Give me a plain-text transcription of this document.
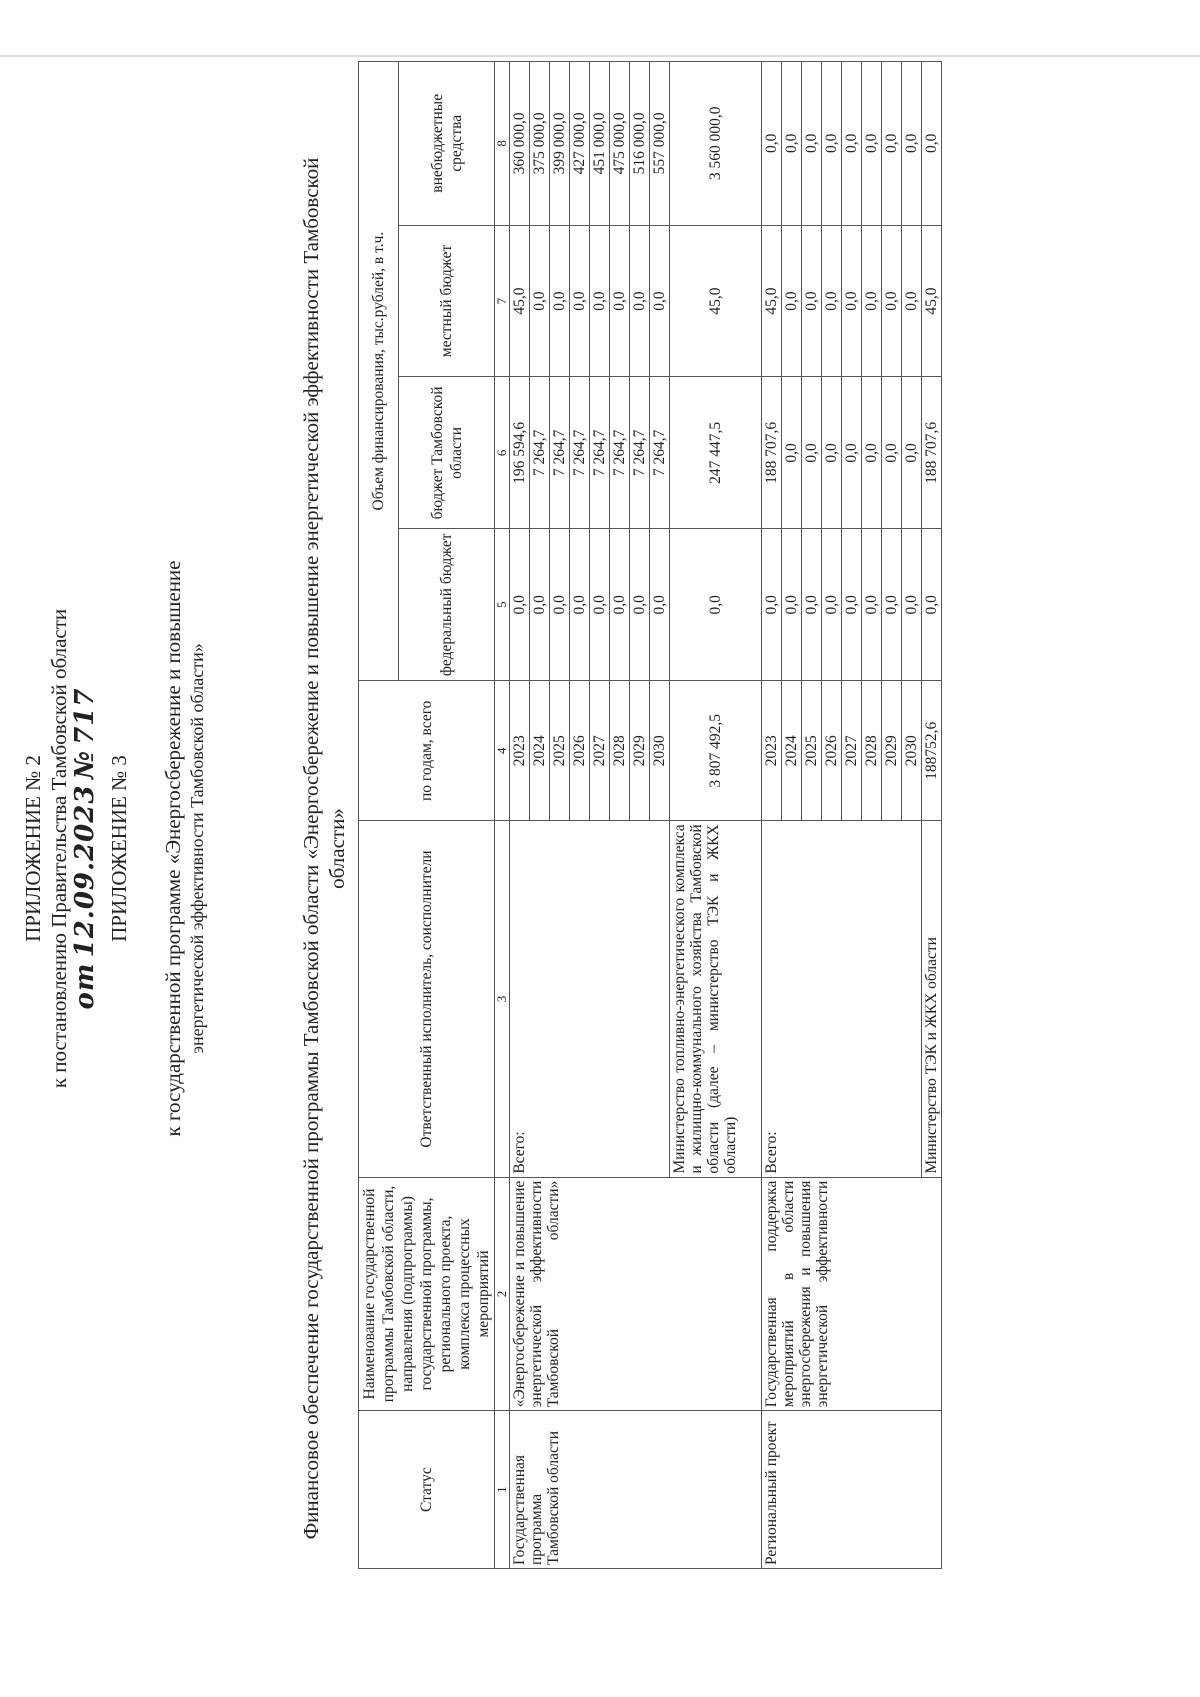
ПРИЛОЖЕНИЕ № 2 к постановлению Правительства Тамбовской области от 12.09.2023 № 717
ПРИЛОЖЕНИЕ № 3 к государственной программе «Энергосбережение и повышение энергетической эффективности Тамбовской области»	Финансовое обеспечение государственной программы Тамбовской области «Энергосбережение и повышение энергетической эффективности Тамбовской области»
Статус	Наименование государственной программы Тамбовской области, направления (подпрограммы) государственной программы, регионального проекта, комплекса процессных мероприятий	Ответственный исполнитель, соисполнители	по годам, всего	Объем финансирования, тыс.рублей, в т.ч.			
				федеральный бюджет	бюджет Тамбовской области	местный бюджет	внебюджетные средства
1	2	3	4	5	6	7	8
Государственная программа Тамбовской области	«Энергосбережение и повышение энергетической эффективности Тамбовской области»	Всего:	2023	0,0	196 594,6	45,0	360 000,0
			2024	0,0	7 264,7	0,0	375 000,0
			2025	0,0	7 264,7	0,0	399 000,0
			2026	0,0	7 264,7	0,0	427 000,0
			2027	0,0	7 264,7	0,0	451 000,0
			2028	0,0	7 264,7	0,0	475 000,0
			2029	0,0	7 264,7	0,0	516 000,0
			2030	0,0	7 264,7	0,0	557 000,0
		Министерство топливно-энергетического комплекса и жилищно-коммунального хозяйства Тамбовской области (далее – министерство ТЭК и ЖКХ области)	3 807 492,5	0,0	247 447,5	45,0	3 560 000,0
Региональный проект	Государственная поддержка мероприятий в области энергосбережения и повышения энергетической эффективности	Всего:	2023	0,0	188 707,6	45,0	0,0
			2024	0,0	0,0	0,0	0,0
			2025	0,0	0,0	0,0	0,0
			2026	0,0	0,0	0,0	0,0
			2027	0,0	0,0	0,0	0,0
			2028	0,0	0,0	0,0	0,0
			2029	0,0	0,0	0,0	0,0
			2030	0,0	0,0	0,0	0,0
		Министерство ТЭК и ЖКХ области	188752,6	0,0	188 707,6	45,0	0,0
